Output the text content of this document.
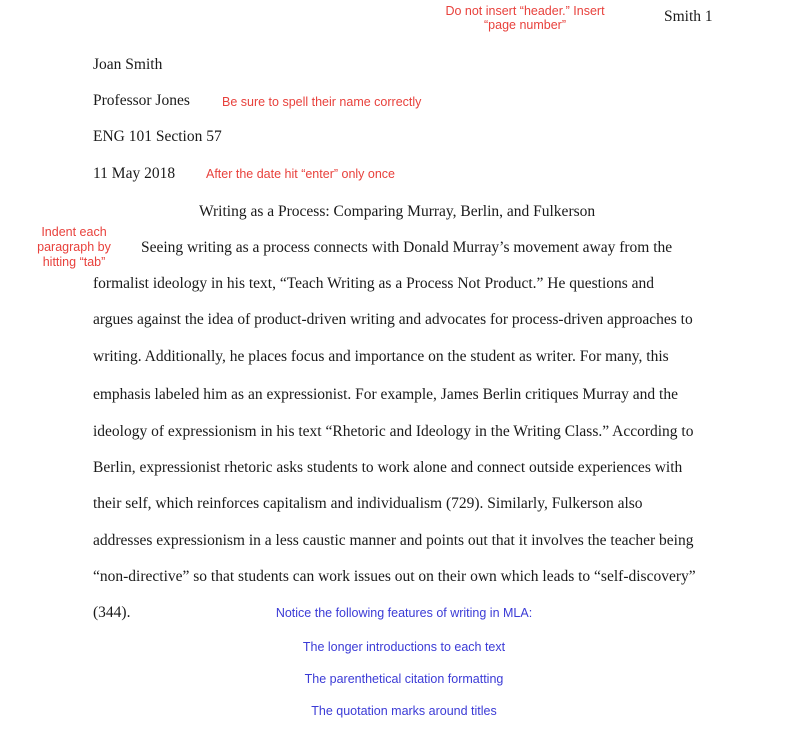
Smith 1
Do not insert “header.” Insert
“page number”
Joan Smith
Professor Jones	Be sure to spell their name correctly
ENG 101 Section 57
11 May 2018 After the date hit “enter” only once
Writing as a Process: Comparing Murray, Berlin, and Fulkerson
Indent each
paragraph by
hitting “tab”
Seeing writing as a process connects with Donald Murray’s movement away from the
formalist ideology in his text, “Teach Writing as a Process Not Product.” He questions and
argues against the idea of product-driven writing and advocates for process-driven approaches to
writing. Additionally, he places focus and importance on the student as writer. For many, this
emphasis labeled him as an expressionist. For example, James Berlin critiques Murray and the
ideology of expressionism in his text “Rhetoric and Ideology in the Writing Class.” According to
Berlin, expressionist rhetoric asks students to work alone and connect outside experiences with
their self, which reinforces capitalism and individualism (729). Similarly, Fulkerson also
addresses expressionism in a less caustic manner and points out that it involves the teacher being
“non-directive” so that students can work issues out on their own which leads to “self-discovery”
(344).	Notice the following features of writing in MLA:
The longer introductions to each text
The parenthetical citation formatting
The quotation marks around titles
